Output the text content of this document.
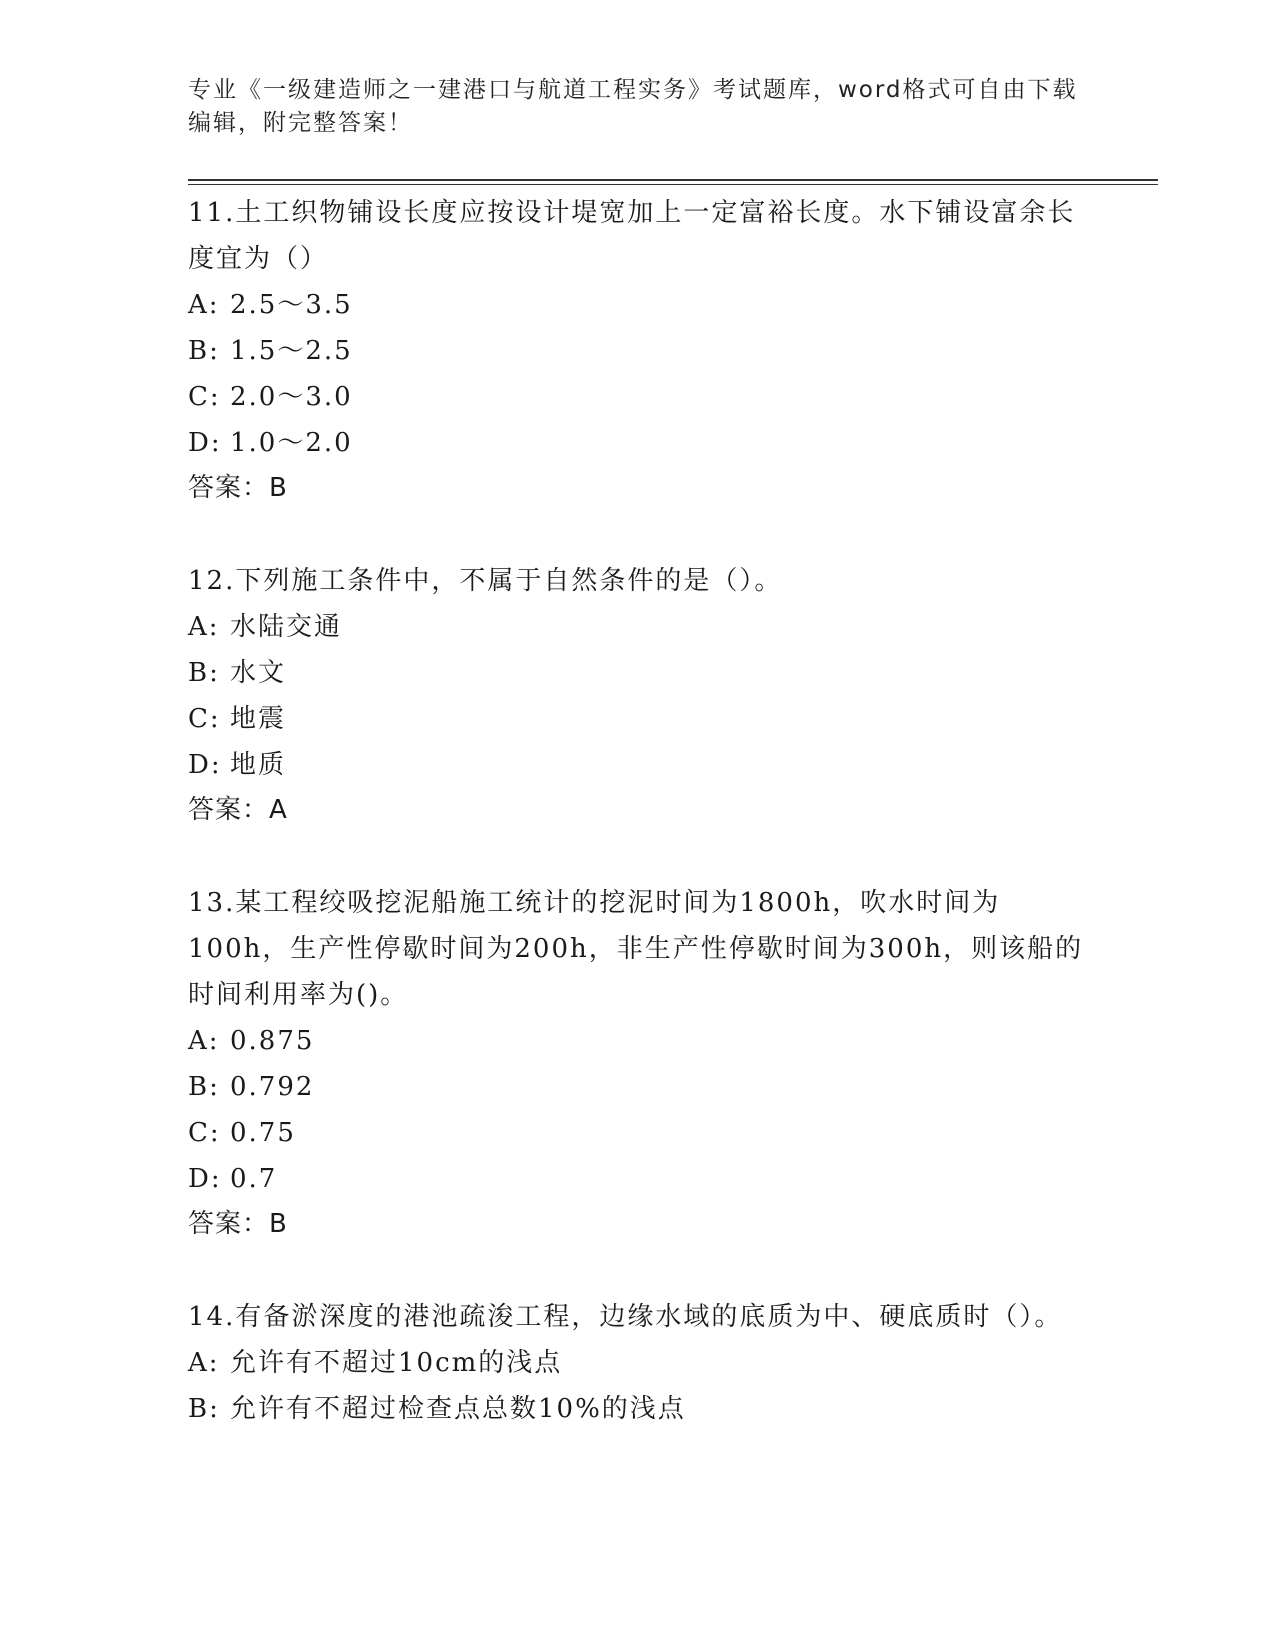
专业《一级建造师之一建港口与航道工程实务》考试题库，word格式可自由下载
编辑，附完整答案！

11.土工织物铺设长度应按设计堤宽加上一定富裕长度。水下铺设富余长度宜为（）

A: 2.5～3.5

B: 1.5～2.5

C: 2.0～3.0

D: 1.0～2.0

答案：B

12.下列施工条件中，不属于自然条件的是（）。

A: 水陆交通

B: 水文

C: 地震

D: 地质

答案：A

13.某工程绞吸挖泥船施工统计的挖泥时间为1800h，吹水时间为100h，生产性停歇时间为200h，非生产性停歇时间为300h，则该船的时间利用率为()。

A: 0.875

B: 0.792

C: 0.75

D: 0.7

答案：B

14.有备淤深度的港池疏浚工程，边缘水域的底质为中、硬底质时（）。

A: 允许有不超过10cm的浅点

B: 允许有不超过检查点总数10%的浅点
